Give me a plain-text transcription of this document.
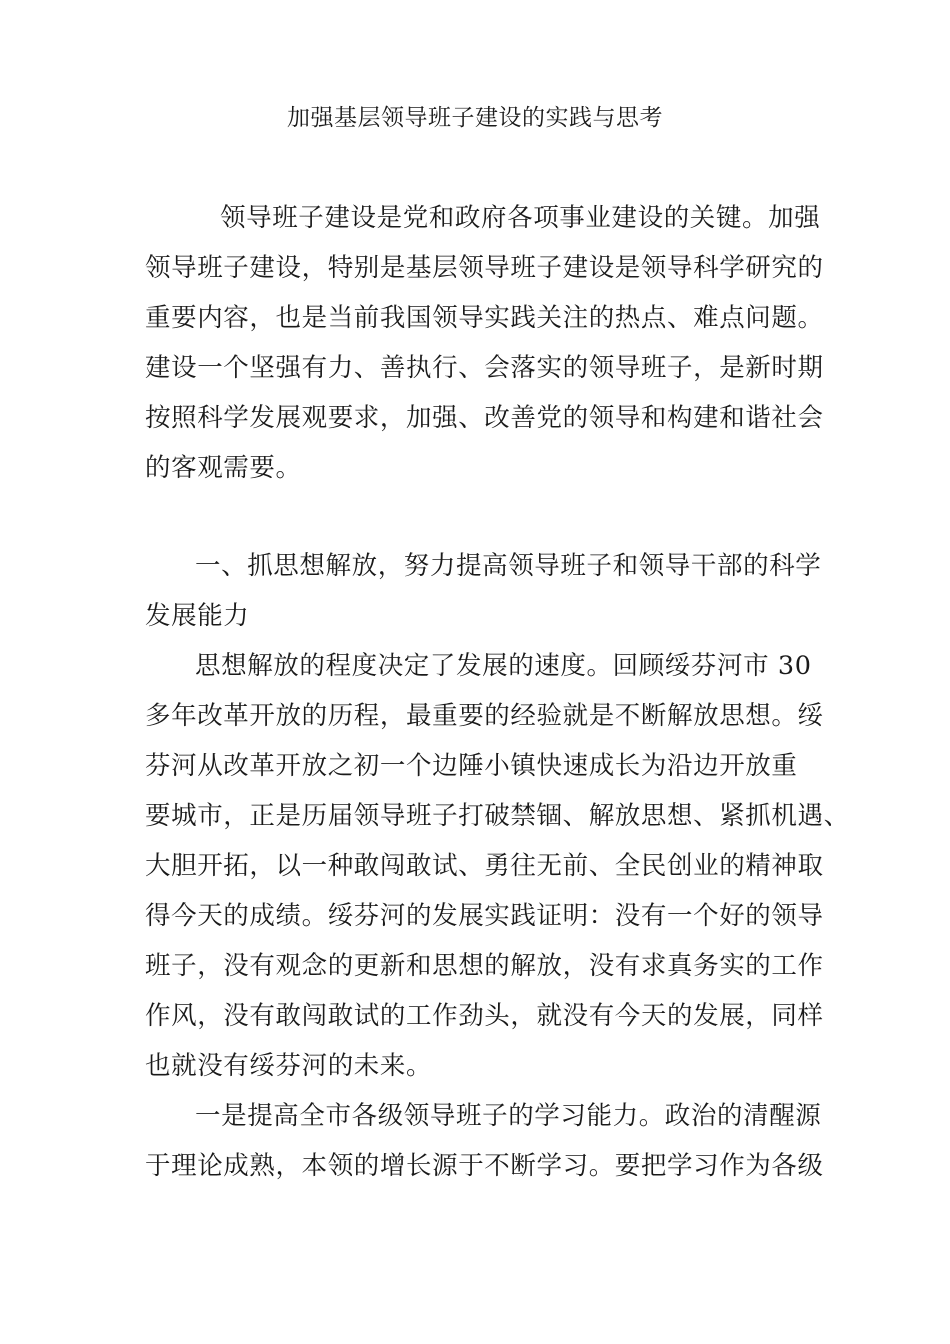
加强基层领导班子建设的实践与思考
领导班子建设是党和政府各项事业建设的关键。加强
领导班子建设，特别是基层领导班子建设是领导科学研究的
重要内容，也是当前我国领导实践关注的热点、难点问题。
建设一个坚强有力、善执行、会落实的领导班子，是新时期
按照科学发展观要求，加强、改善党的领导和构建和谐社会
的客观需要。
一、抓思想解放，努力提高领导班子和领导干部的科学
发展能力
思想解放的程度决定了发展的速度。回顾绥芬河市 30
多年改革开放的历程，最重要的经验就是不断解放思想。绥
芬河从改革开放之初一个边陲小镇快速成长为沿边开放重
要城市，正是历届领导班子打破禁锢、解放思想、紧抓机遇、
大胆开拓，以一种敢闯敢试、勇往无前、全民创业的精神取
得今天的成绩。绥芬河的发展实践证明：没有一个好的领导
班子，没有观念的更新和思想的解放，没有求真务实的工作
作风，没有敢闯敢试的工作劲头，就没有今天的发展，同样
也就没有绥芬河的未来。
一是提高全市各级领导班子的学习能力。政治的清醒源
于理论成熟，本领的增长源于不断学习。要把学习作为各级
